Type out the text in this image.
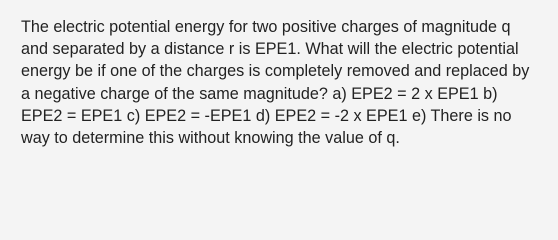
The electric potential energy for two positive charges of magnitude q and separated by a distance r is EPE1. What will the electric potential energy be if one of the charges is completely removed and replaced by a negative charge of the same magnitude? a) EPE2 = 2 x EPE1 b) EPE2 = EPE1 c) EPE2 = -EPE1 d) EPE2 = -2 x EPE1 e) There is no way to determine this without knowing the value of q.
